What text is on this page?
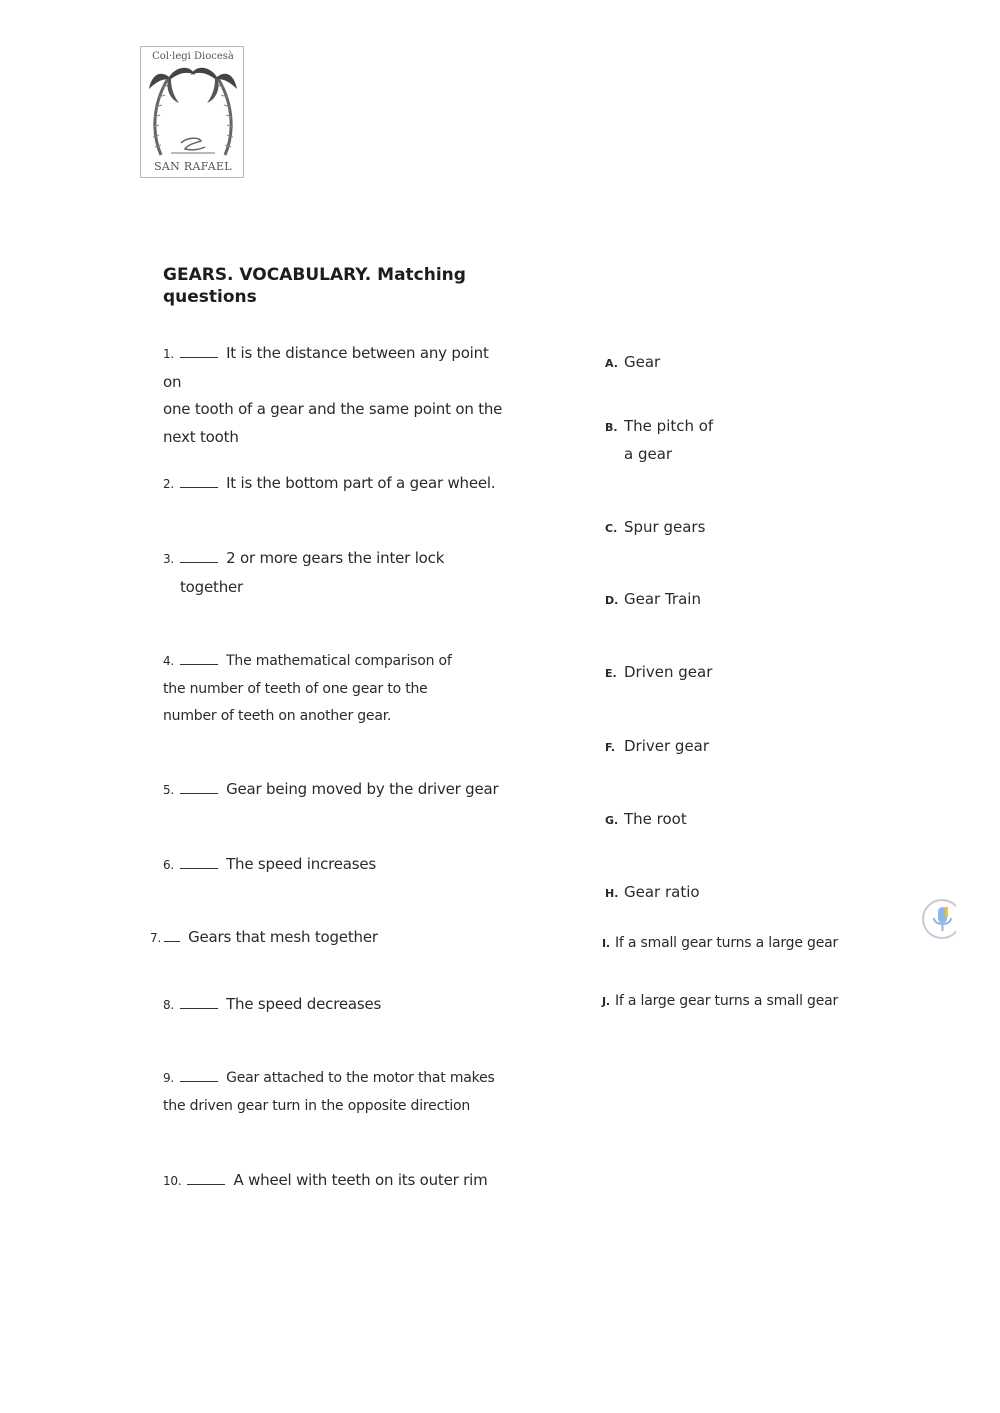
Col·legi Diocesà
SAN RAFAEL
GEARS. VOCABULARY. Matching questions
1.	It is the distance between any point on
one tooth of a gear and the same point on the
next tooth
2.	It is the bottom part of a gear wheel.
3.	2 or more gears the inter lock
together
4.	The mathematical comparison of
the number of teeth of one gear to the
number of teeth on another gear.
5.	Gear being moved by the driver gear
6.	The speed increases
7. Gears that mesh together
8.	The speed decreases
9.	Gear attached to the motor that makes
the driven gear turn in the opposite direction
10.	A wheel with teeth on its outer rim
A. Gear
B. The pitch of
a gear
C. Spur gears
D. Gear Train
E. Driven gear
F. Driver gear
G. The root
H. Gear ratio
I. If a small gear turns a large gear
J. If a large gear turns a small gear
